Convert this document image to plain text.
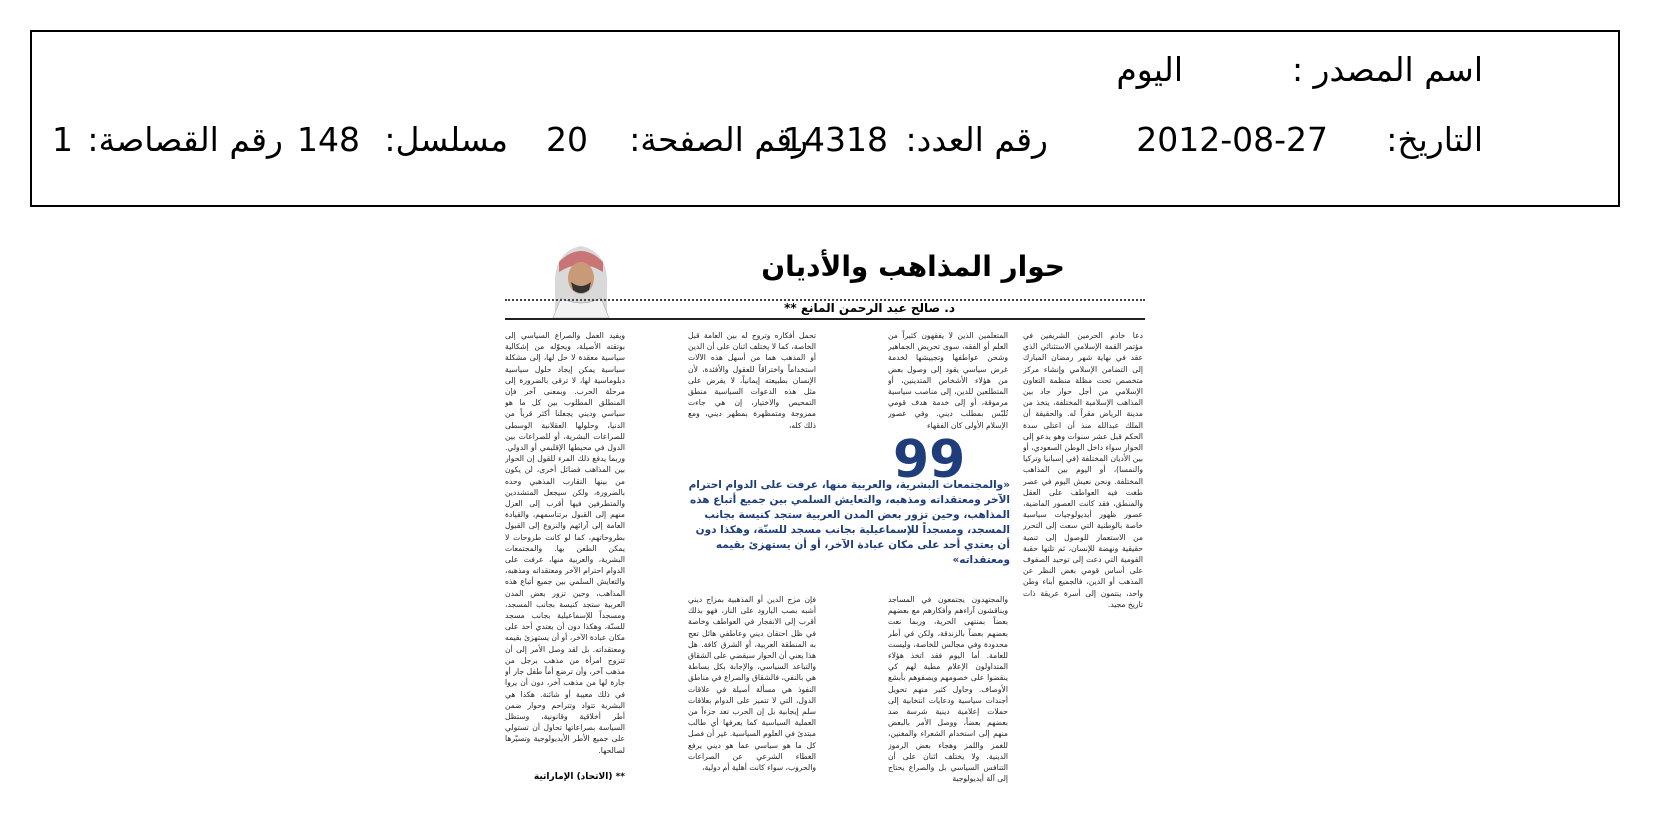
اسم المصدر :
اليوم
التاريخ:
2012-08-27
رقم العدد:
14318
رقم الصفحة:
20
مسلسل:
148
رقم القصاصة:
1
حوار المذاهب والأديان
د. صالح عبد الرحمن المانع **
دعا خادم الحرمين الشريفين في مؤتمر القمة الإسلامي الاستثنائي الذي عقد في نهاية شهر رمضان المبارك إلى التضامن الإسلامي وإنشاء مركز متخصص تحت مظلة منظمة التعاون الإسلامي من أجل حوار جاد بين المذاهب الإسلامية المختلفة، يتخذ من مدينة الرياض مقراً له. والحقيقة أن الملك عبدالله منذ أن اعتلى سدة الحكم قبل عشر سنوات وهو يدعو إلى الحوار سواء داخل الوطن السعودي، أو بين الأديان المختلفة (في إسبانيا وتركيا والنمسا)، أو اليوم بين المذاهب المختلفة. ونحن نعيش اليوم في عصر طغت فيه العواطف على العقل والمنطق، فقد كانت العصور الماضية، عصور ظهور أيديولوجيات سياسية خاصة بالوطنية التي سعت إلى التحرر من الاستعمار للوصول إلى تنمية حقيقية ونهضة للإنسان، ثم تلتها حقبة القومية التي دعت إلى توحيد الصفوف على أساس قومي بغض النظر عن المذهب أو الدين، فالجميع أبناء وطن واحد، ينتمون إلى أسرة عريقة ذات تاريخ مجيد.
المتعلمين الذين لا يفقهون كثيراً من العلم أو الفقه، سوى تحريض الجماهير وشحن عواطفها وتجييشها لخدمة غرض سياسي يقود إلى وصول بعض من هؤلاء الأشخاص المتدينين، أو المتطلعين للدين، إلى مناصب سياسية مرموقة، أو إلى خدمة هدف قومي تُلبّس بمطلب ديني. وفي عصور الإسلام الأولى كان الفقهاء
تحمل أفكاره وتروج له بين العامة قبل الخاصة، كما لا يختلف اثنان على أن الدين أو المذهب هما من أسهل هذه الآلات استخداماً واختراقاً للعقول والأفئدة، لأن الإنسان بطبيعته إيمانياً، لا يفرض على مثل هذه الدعوات السياسية منطق التمحيص والاختيار، إن هي جاءت ممزوجة ومتمظهرة بمظهر ديني، ومع ذلك كله،
ويفيد العمل والصراع السياسي إلى بوتقته الأصيلة، ويحوّله من إشكالية سياسية معقدة لا حل لها، إلى مشكلة سياسية يمكن إيجاد حلول سياسية دبلوماسية لها، لا ترقى بالضرورة إلى مرحلة الحرب. وبمعنى آخر فإن المنطلق المطلوب بين كل ما هو سياسي وديني يجعلنا أكثر قرباً من الدنيا، وحلولها العقلانية الوسطى للصراعات البشرية، أو للصراعات بين الدول في محيطها الإقليمي أو الدولي. وربما يدفع ذلك المرء للقول إن الحوار بين المذاهب فضائل أخرى، لن يكون من بينها التقارب المذهبي وحده بالضرورة، ولكن سيجعل المتشددين والمتطرفين فيها أقرب إلى العزل منهم إلى القبول برتناسمهم، والقيادة العامة إلى آرائهم والنزوع إلى القبول بطروحاتهم، كما لو كانت طروحات لا يمكن الطعن بها. والمجتمعات البشرية، والعربية منها، عرفت على الدوام احترام الآخر ومعتقداته ومذهبه، والتعايش السلمي بين جميع أتباع هذه المذاهب، وحين تزور بعض المدن العربية ستجد كنيسة بجانب المسجد، ومسجداً للإسماعيلية بجانب مسجد للسنّة، وهكذا دون أن يعتدي أحد على مكان عبادة الآخر، أو أن يستهزئ بقيمه ومعتقداته. بل لقد وصل الأمر إلى أن تتزوج امرأة من مذهب برجل من مذهب آخر، وأن ترضع أماً طفل جار أو جارة لها من مذهب آخر، دون أن يروا في ذلك معيبة أو شائنة. هكذا هي البشرية تتواد وتتراحم وحوار ضمن أطر أخلاقية وقانونية، وستظل السياسة بصراعاتها تحاول أن تستولي على جميع الأطر الأيديولوجية وتسيّرها لصالحها.
99
«والمجتمعات البشرية، والعربية منها، عرفت على الدوام احترام الآخر ومعتقداته ومذهبه، والتعايش السلمي بين جميع أتباع هذه المذاهب، وحين تزور بعض المدن العربية ستجد كنيسة بجانب المسجد، ومسجداً للإسماعيلية بجانب مسجد للسنّة، وهكذا دون أن يعتدي أحد على مكان عبادة الآخر، أو أن يستهزئ بقيمه ومعتقداته»
والمجتهدون يجتمعون في المساجد ويناقشون آراءهم وأفكارهم مع بعضهم بعضاً بمنتهى الحرية، وربما نعت بعضهم بعضاً بالزندقة، ولكن في أطر محدودة وفي مجالس للخاصة، وليست للعامة. أما اليوم فقد اتخذ هؤلاء المتداولون الإعلام مطية لهم كي ينقضوا على خصومهم ويصفوهم بأبشع الأوصاف. وحاول كثير منهم تحويل أجندات سياسية ودعايات انتخابية إلى حملات إعلامية دينية شرسة ضد بعضهم بعضاً، ووصل الأمر بالبعض منهم إلى استخدام الشعراء والمغنين، للغمز واللمز وهجاء بعض الرموز الدينية. ولا يختلف اثنان على أن التنافس السياسي بل والصراع يحتاج إلى آلة أيديولوجية
فإن مزج الدين أو المذهبية بمزاج ديني أشبه بصب البارود على النار، فهو بذلك أقرب إلى الانفجار في العواطف وخاصة في ظل احتقان ديني وعاطفي هائل تعج به المنطقة العربية، أو الشرق كافة. هل هذا يعني أن الحوار سيقضي على الشقاق والتباعد السياسي، والإجابة بكل بساطة هي بالنفي، فالشقاق والصراع في مناطق النفوذ هي مسألة أصيلة في علاقات الدول، التي لا تتميز على الدوام بعلاقات سلم إيجابية بل إن الحرب تعد جزءاً من العملية السياسية كما يعرفها أي طالب مبتدئ في العلوم السياسية. غير أن فصل كل ما هو سياسي عما هو ديني يرفع الغطاء الشرعي عن الصراعات والحروب، سواء كانت أهلية أم دولية،
** (الاتحاد) الإماراتية
